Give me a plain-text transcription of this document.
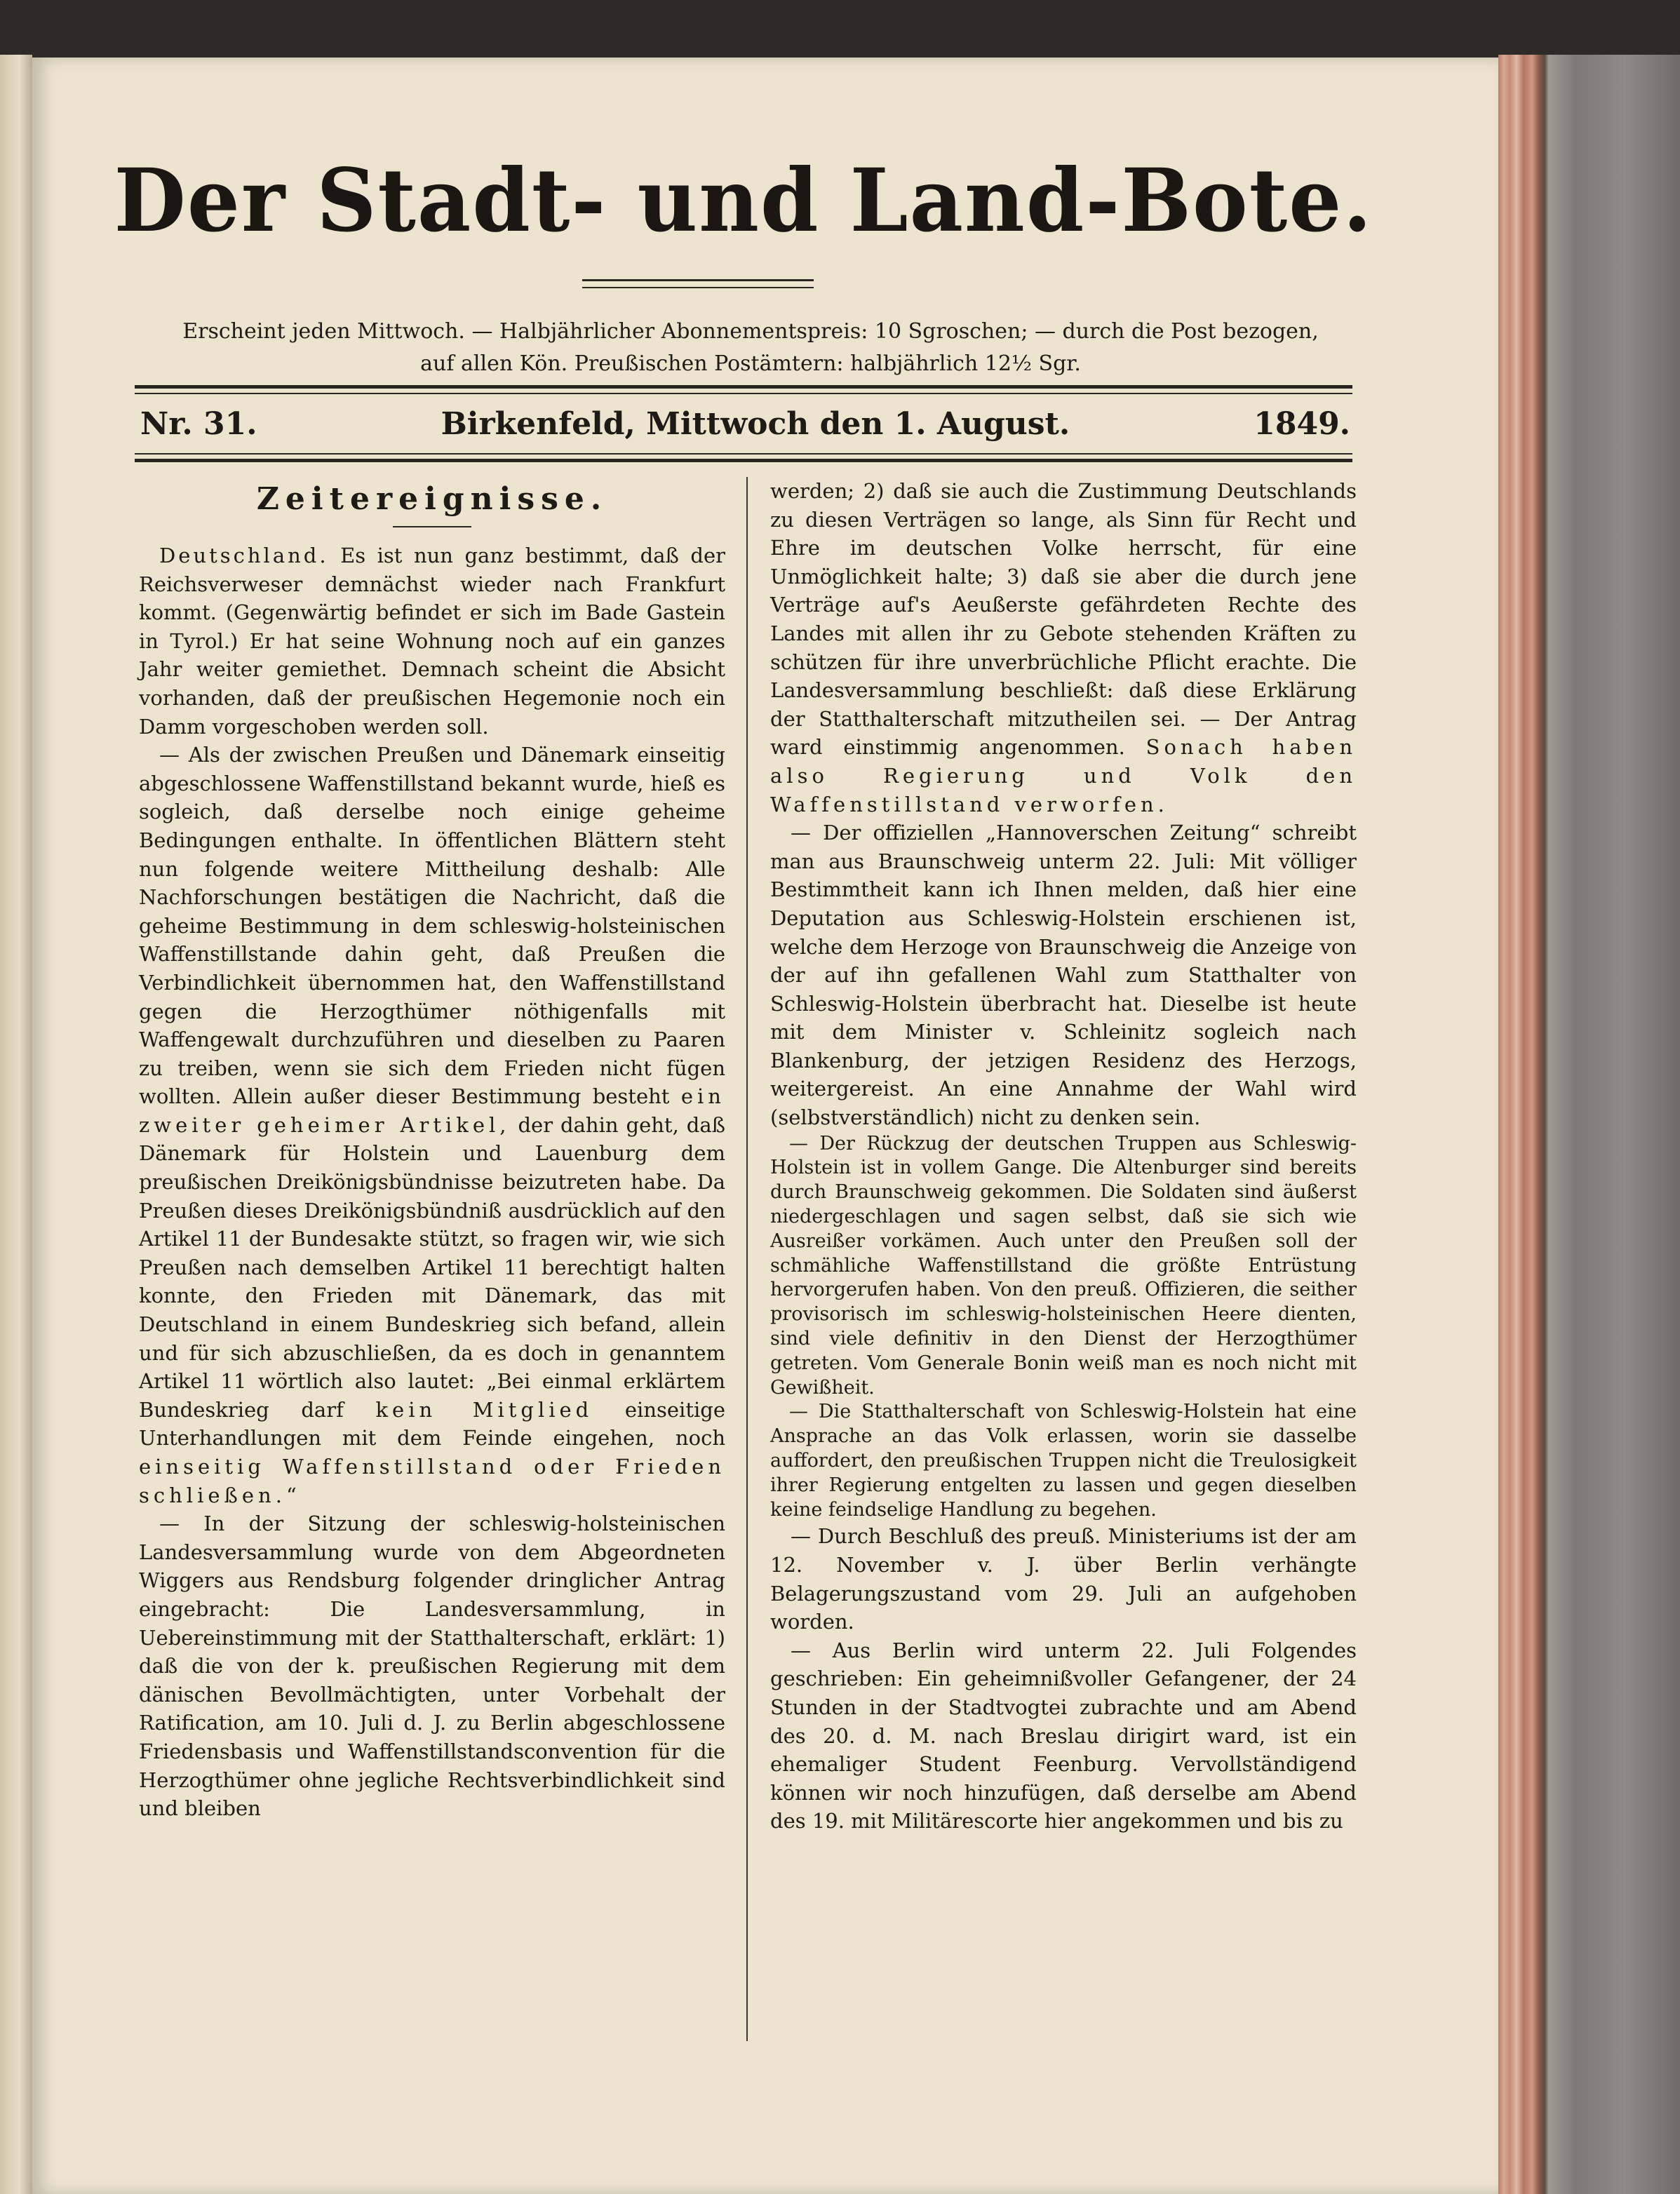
Der Stadt- und Land-Bote.
Erscheint jeden Mittwoch. — Halbjährlicher Abonnementspreis: 10 Sgroschen; — durch die Post bezogen,
auf allen Kön. Preußischen Postämtern: halbjährlich 12½ Sgr.
Nr. 31.	Birkenfeld, Mittwoch den 1. August.	1849.
Zeitereignisse.

 Deutschland. Es ist nun ganz bestimmt, daß der Reichsverweser demnächst wieder nach Frankfurt kommt. (Gegenwärtig befindet er sich im Bade Gastein in Tyrol.) Er hat seine Wohnung noch auf ein ganzes Jahr weiter gemiethet. Demnach scheint die Absicht vorhanden, daß der preußischen Hegemonie noch ein Damm vorgeschoben werden soll.

 — Als der zwischen Preußen und Dänemark einseitig abgeschlossene Waffenstillstand bekannt wurde, hieß es sogleich, daß derselbe noch einige geheime Bedingungen enthalte. In öffentlichen Blättern steht nun folgende weitere Mittheilung deshalb: Alle Nachforschungen bestätigen die Nachricht, daß die geheime Bestimmung in dem schleswig-holsteinischen Waffenstillstande dahin geht, daß Preußen die Verbindlichkeit übernommen hat, den Waffenstillstand gegen die Herzogthümer nöthigenfalls mit Waffengewalt durchzuführen und dieselben zu Paaren zu treiben, wenn sie sich dem Frieden nicht fügen wollten. Allein außer dieser Bestimmung besteht ein zweiter geheimer Artikel, der dahin geht, daß Dänemark für Holstein und Lauenburg dem preußischen Dreikönigsbündnisse beizutreten habe. Da Preußen dieses Dreikönigsbündniß ausdrücklich auf den Artikel 11 der Bundesakte stützt, so fragen wir, wie sich Preußen nach demselben Artikel 11 berechtigt halten konnte, den Frieden mit Dänemark, das mit Deutschland in einem Bundeskrieg sich befand, allein und für sich abzuschließen, da es doch in genanntem Artikel 11 wörtlich also lautet: „Bei einmal erklärtem Bundeskrieg darf kein Mitglied einseitige Unterhandlungen mit dem Feinde eingehen, noch einseitig Waffenstillstand oder Frieden schließen.“

 — In der Sitzung der schleswig-holsteinischen Landesversammlung wurde von dem Abgeordneten Wiggers aus Rendsburg folgender dringlicher Antrag eingebracht: Die Landesversammlung, in Uebereinstimmung mit der Statthalterschaft, erklärt: 1) daß die von der k. preußischen Regierung mit dem dänischen Bevollmächtigten, unter Vorbehalt der Ratification, am 10. Juli d. J. zu Berlin abgeschlossene Friedensbasis und Waffenstillstandsconvention für die Herzogthümer ohne jegliche Rechtsverbindlichkeit sind und bleiben

werden; 2) daß sie auch die Zustimmung Deutschlands zu diesen Verträgen so lange, als Sinn für Recht und Ehre im deutschen Volke herrscht, für eine Unmöglichkeit halte; 3) daß sie aber die durch jene Verträge auf's Aeußerste gefährdeten Rechte des Landes mit allen ihr zu Gebote stehenden Kräften zu schützen für ihre unverbrüchliche Pflicht erachte. Die Landesversammlung beschließt: daß diese Erklärung der Statthalterschaft mitzutheilen sei. — Der Antrag ward einstimmig angenommen. Sonach haben also Regierung und Volk den Waffenstillstand verworfen.

 — Der offiziellen „Hannoverschen Zeitung“ schreibt man aus Braunschweig unterm 22. Juli: Mit völliger Bestimmtheit kann ich Ihnen melden, daß hier eine Deputation aus Schleswig-Holstein erschienen ist, welche dem Herzoge von Braunschweig die Anzeige von der auf ihn gefallenen Wahl zum Statthalter von Schleswig-Holstein überbracht hat. Dieselbe ist heute mit dem Minister v. Schleinitz sogleich nach Blankenburg, der jetzigen Residenz des Herzogs, weitergereist. An eine Annahme der Wahl wird (selbstverständlich) nicht zu denken sein.

 — Der Rückzug der deutschen Truppen aus Schleswig-Holstein ist in vollem Gange. Die Altenburger sind bereits durch Braunschweig gekommen. Die Soldaten sind äußerst niedergeschlagen und sagen selbst, daß sie sich wie Ausreißer vorkämen. Auch unter den Preußen soll der schmähliche Waffenstillstand die größte Entrüstung hervorgerufen haben. Von den preuß. Offizieren, die seither provisorisch im schleswig-holsteinischen Heere dienten, sind viele definitiv in den Dienst der Herzogthümer getreten. Vom Generale Bonin weiß man es noch nicht mit Gewißheit.

 — Die Statthalterschaft von Schleswig-Holstein hat eine Ansprache an das Volk erlassen, worin sie dasselbe auffordert, den preußischen Truppen nicht die Treulosigkeit ihrer Regierung entgelten zu lassen und gegen dieselben keine feindselige Handlung zu begehen.

 — Durch Beschluß des preuß. Ministeriums ist der am 12. November v. J. über Berlin verhängte Belagerungszustand vom 29. Juli an aufgehoben worden.

 — Aus Berlin wird unterm 22. Juli Folgendes geschrieben: Ein geheimnißvoller Gefangener, der 24 Stunden in der Stadtvogtei zubrachte und am Abend des 20. d. M. nach Breslau dirigirt ward, ist ein ehemaliger Student Feenburg. Vervollständigend können wir noch hinzufügen, daß derselbe am Abend des 19. mit Militärescorte hier angekommen und bis zu
